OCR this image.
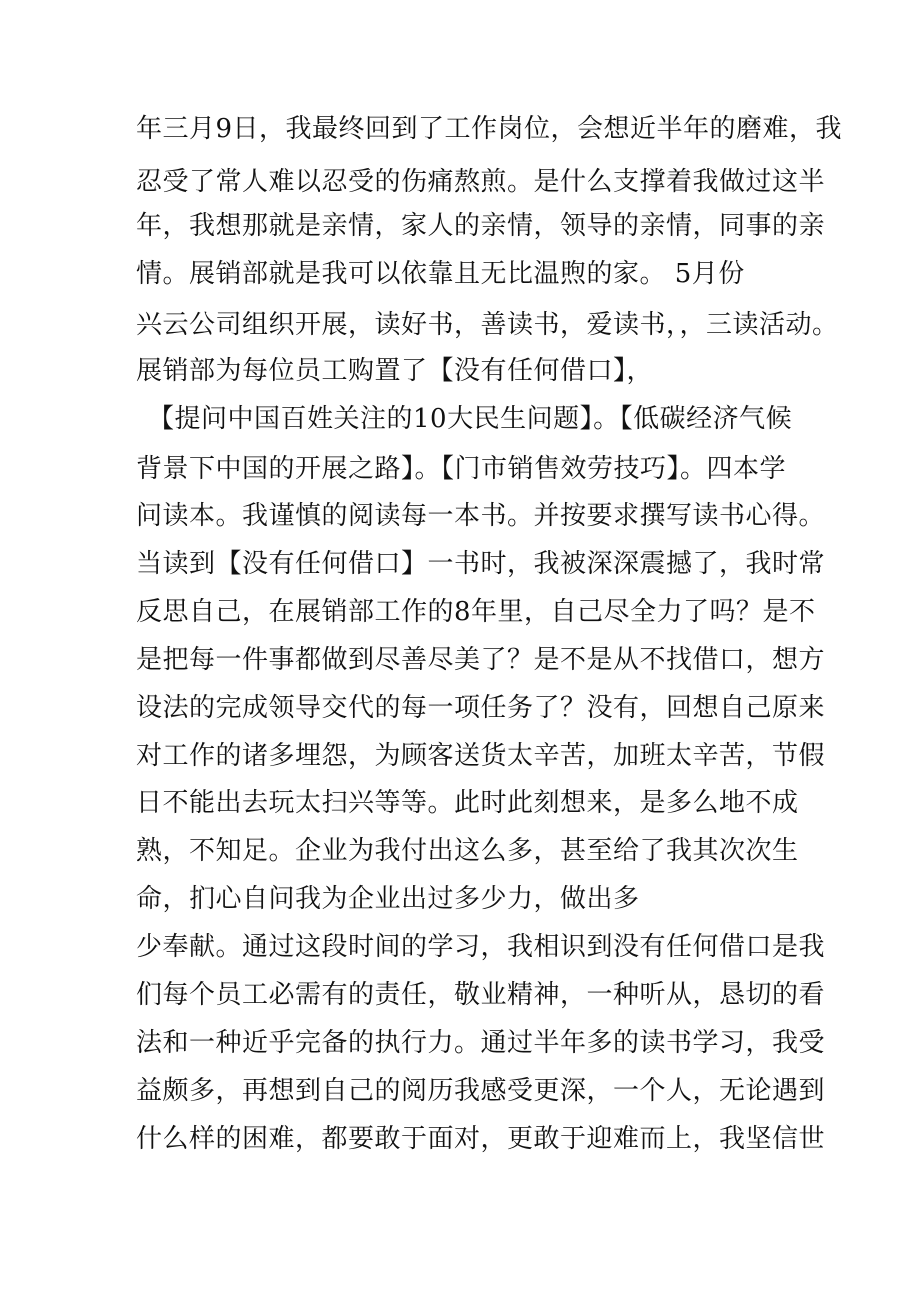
年三月9日，我最终回到了工作岗位，会想近半年的磨难，我
忍受了常人难以忍受的伤痛熬煎。是什么支撑着我做过这半
年，我想那就是亲情，家人的亲情，领导的亲情，同事的亲
情。展销部就是我可以依靠且无比温煦的家。 5月份
兴云公司组织开展，读好书，善读书，爱读书，，三读活动。
展销部为每位员工购置了【没有任何借口】，
【提问中国百姓关注的10大民生问题】。【低碳经济气候
背景下中国的开展之路】。【门市销售效劳技巧】。四本学
问读本。我谨慎的阅读每一本书。并按要求撰写读书心得。
当读到【没有任何借口】一书时，我被深深震撼了，我时常
反思自己，在展销部工作的8年里，自己尽全力了吗？是不
是把每一件事都做到尽善尽美了？是不是从不找借口，想方
设法的完成领导交代的每一项任务了？没有，回想自己原来
对工作的诸多埋怨，为顾客送货太辛苦，加班太辛苦，节假
日不能出去玩太扫兴等等。此时此刻想来，是多么地不成
熟，不知足。企业为我付出这么多，甚至给了我其次次生
命，扪心自问我为企业出过多少力，做出多
少奉献。通过这段时间的学习，我相识到没有任何借口是我
们每个员工必需有的责任，敬业精神，一种听从，恳切的看
法和一种近乎完备的执行力。通过半年多的读书学习，我受
益颇多，再想到自己的阅历我感受更深，一个人，无论遇到
什么样的困难，都要敢于面对，更敢于迎难而上，我坚信世
